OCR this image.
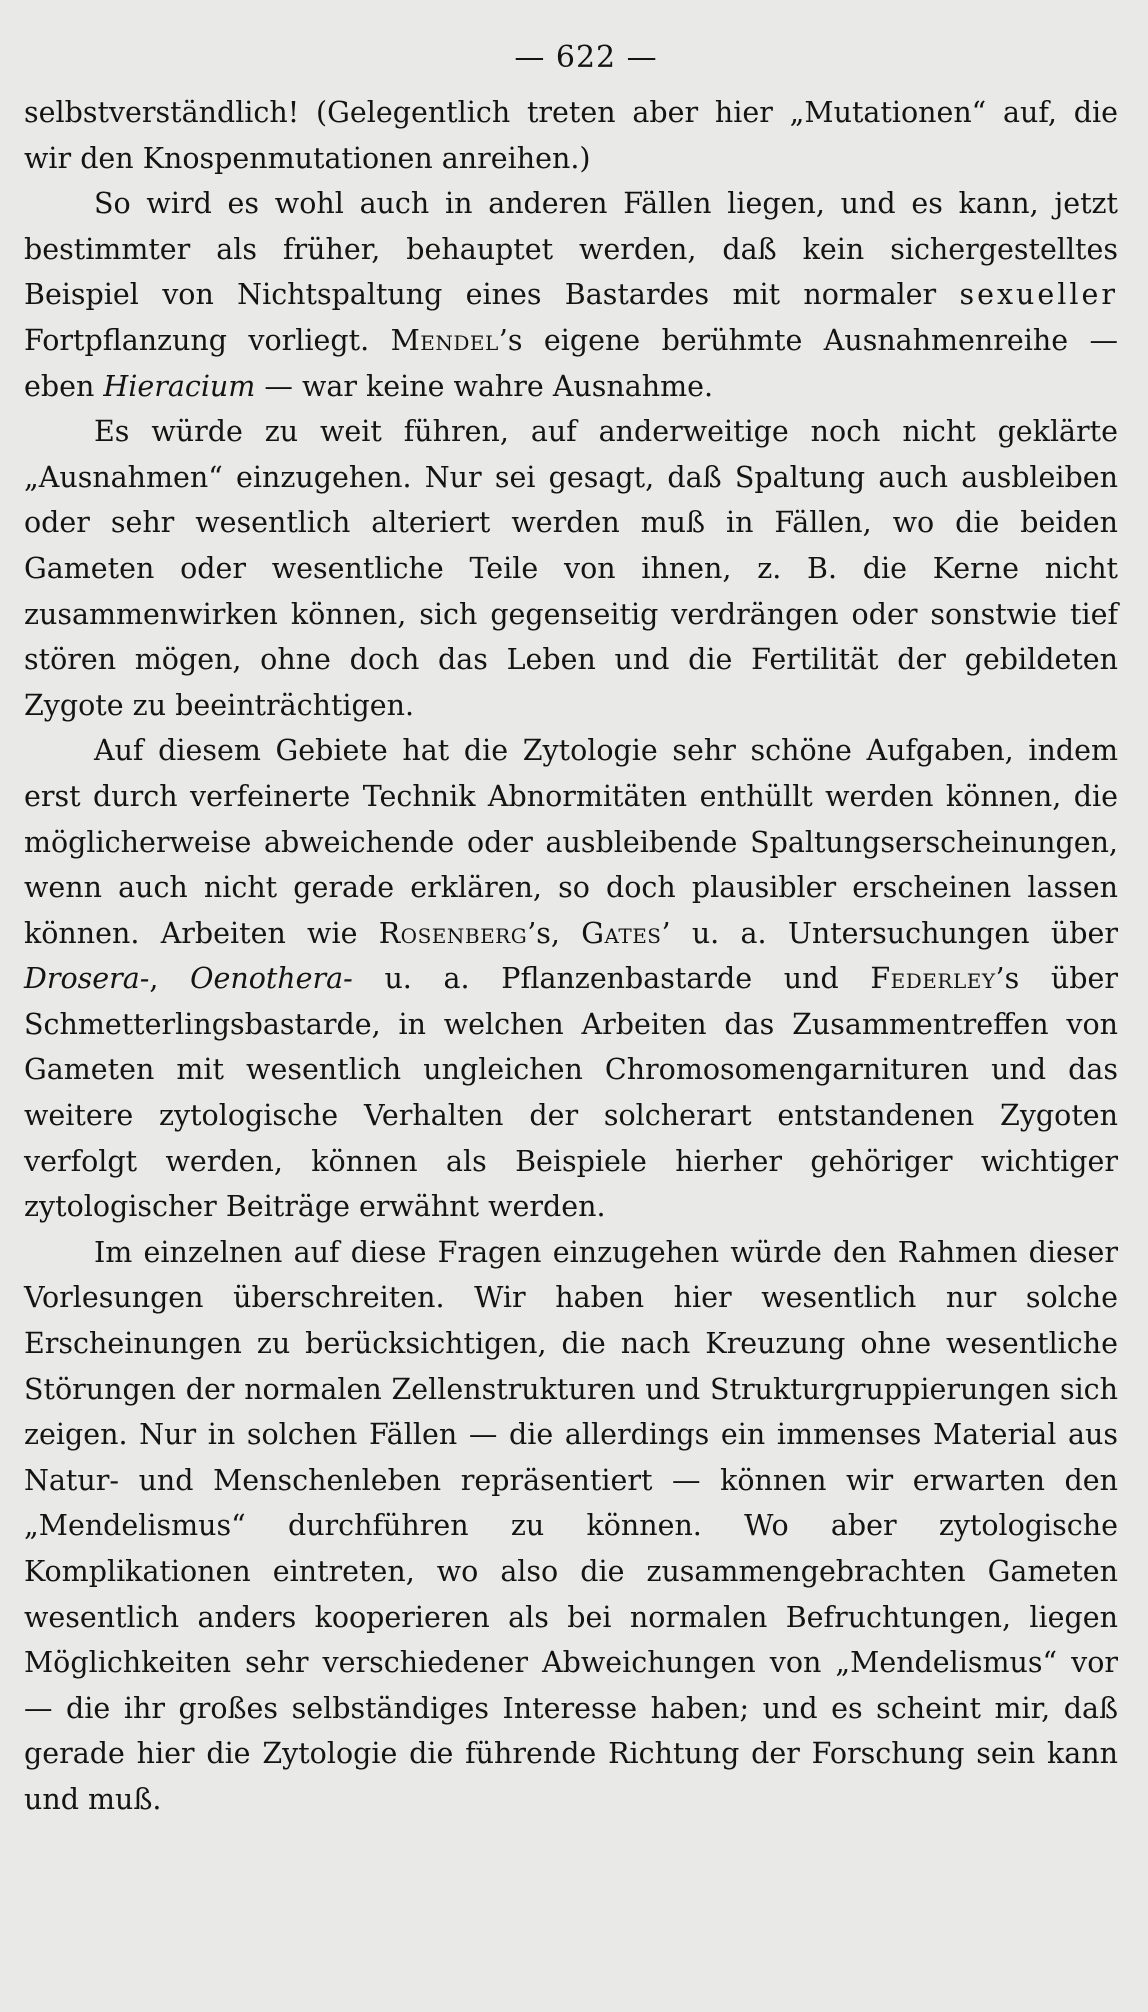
— 622 —

selbstverständlich! (Gelegentlich treten aber hier „Mutationen“ auf, die wir den Knospenmutationen anreihen.)

So wird es wohl auch in anderen Fällen liegen, und es kann, jetzt bestimmter als früher, behauptet werden, daß kein sichergestelltes Beispiel von Nichtspaltung eines Bastardes mit normaler sexueller Fortpflanzung vorliegt. Mendel’s eigene berühmte Ausnahmenreihe — eben Hieracium — war keine wahre Ausnahme.

Es würde zu weit führen, auf anderweitige noch nicht geklärte „Ausnahmen“ einzugehen. Nur sei gesagt, daß Spaltung auch ausbleiben oder sehr wesentlich alteriert werden muß in Fällen, wo die beiden Gameten oder wesentliche Teile von ihnen, z. B. die Kerne nicht zusammenwirken können, sich gegenseitig verdrängen oder sonstwie tief stören mögen, ohne doch das Leben und die Fertilität der gebildeten Zygote zu beeinträchtigen.

Auf diesem Gebiete hat die Zytologie sehr schöne Aufgaben, indem erst durch verfeinerte Technik Abnormitäten enthüllt werden können, die möglicherweise abweichende oder ausbleibende Spaltungserscheinungen, wenn auch nicht gerade erklären, so doch plausibler erscheinen lassen können. Arbeiten wie Rosenberg’s, Gates’ u. a. Untersuchungen über Drosera-, Oenothera- u. a. Pflanzenbastarde und Federley’s über Schmetterlingsbastarde, in welchen Arbeiten das Zusammentreffen von Gameten mit wesentlich ungleichen Chromosomengarnituren und das weitere zytologische Verhalten der solcherart entstandenen Zygoten verfolgt werden, können als Beispiele hierher gehöriger wichtiger zytologischer Beiträge erwähnt werden.

Im einzelnen auf diese Fragen einzugehen würde den Rahmen dieser Vorlesungen überschreiten. Wir haben hier wesentlich nur solche Erscheinungen zu berücksichtigen, die nach Kreuzung ohne wesentliche Störungen der normalen Zellenstrukturen und Strukturgruppierungen sich zeigen. Nur in solchen Fällen — die allerdings ein immenses Material aus Natur- und Menschenleben repräsentiert — können wir erwarten den „Mendelismus“ durchführen zu können. Wo aber zytologische Komplikationen eintreten, wo also die zusammengebrachten Gameten wesentlich anders kooperieren als bei normalen Befruchtungen, liegen Möglichkeiten sehr verschiedener Abweichungen von „Mendelismus“ vor — die ihr großes selbständiges Interesse haben; und es scheint mir, daß gerade hier die Zytologie die führende Richtung der Forschung sein kann und muß.
